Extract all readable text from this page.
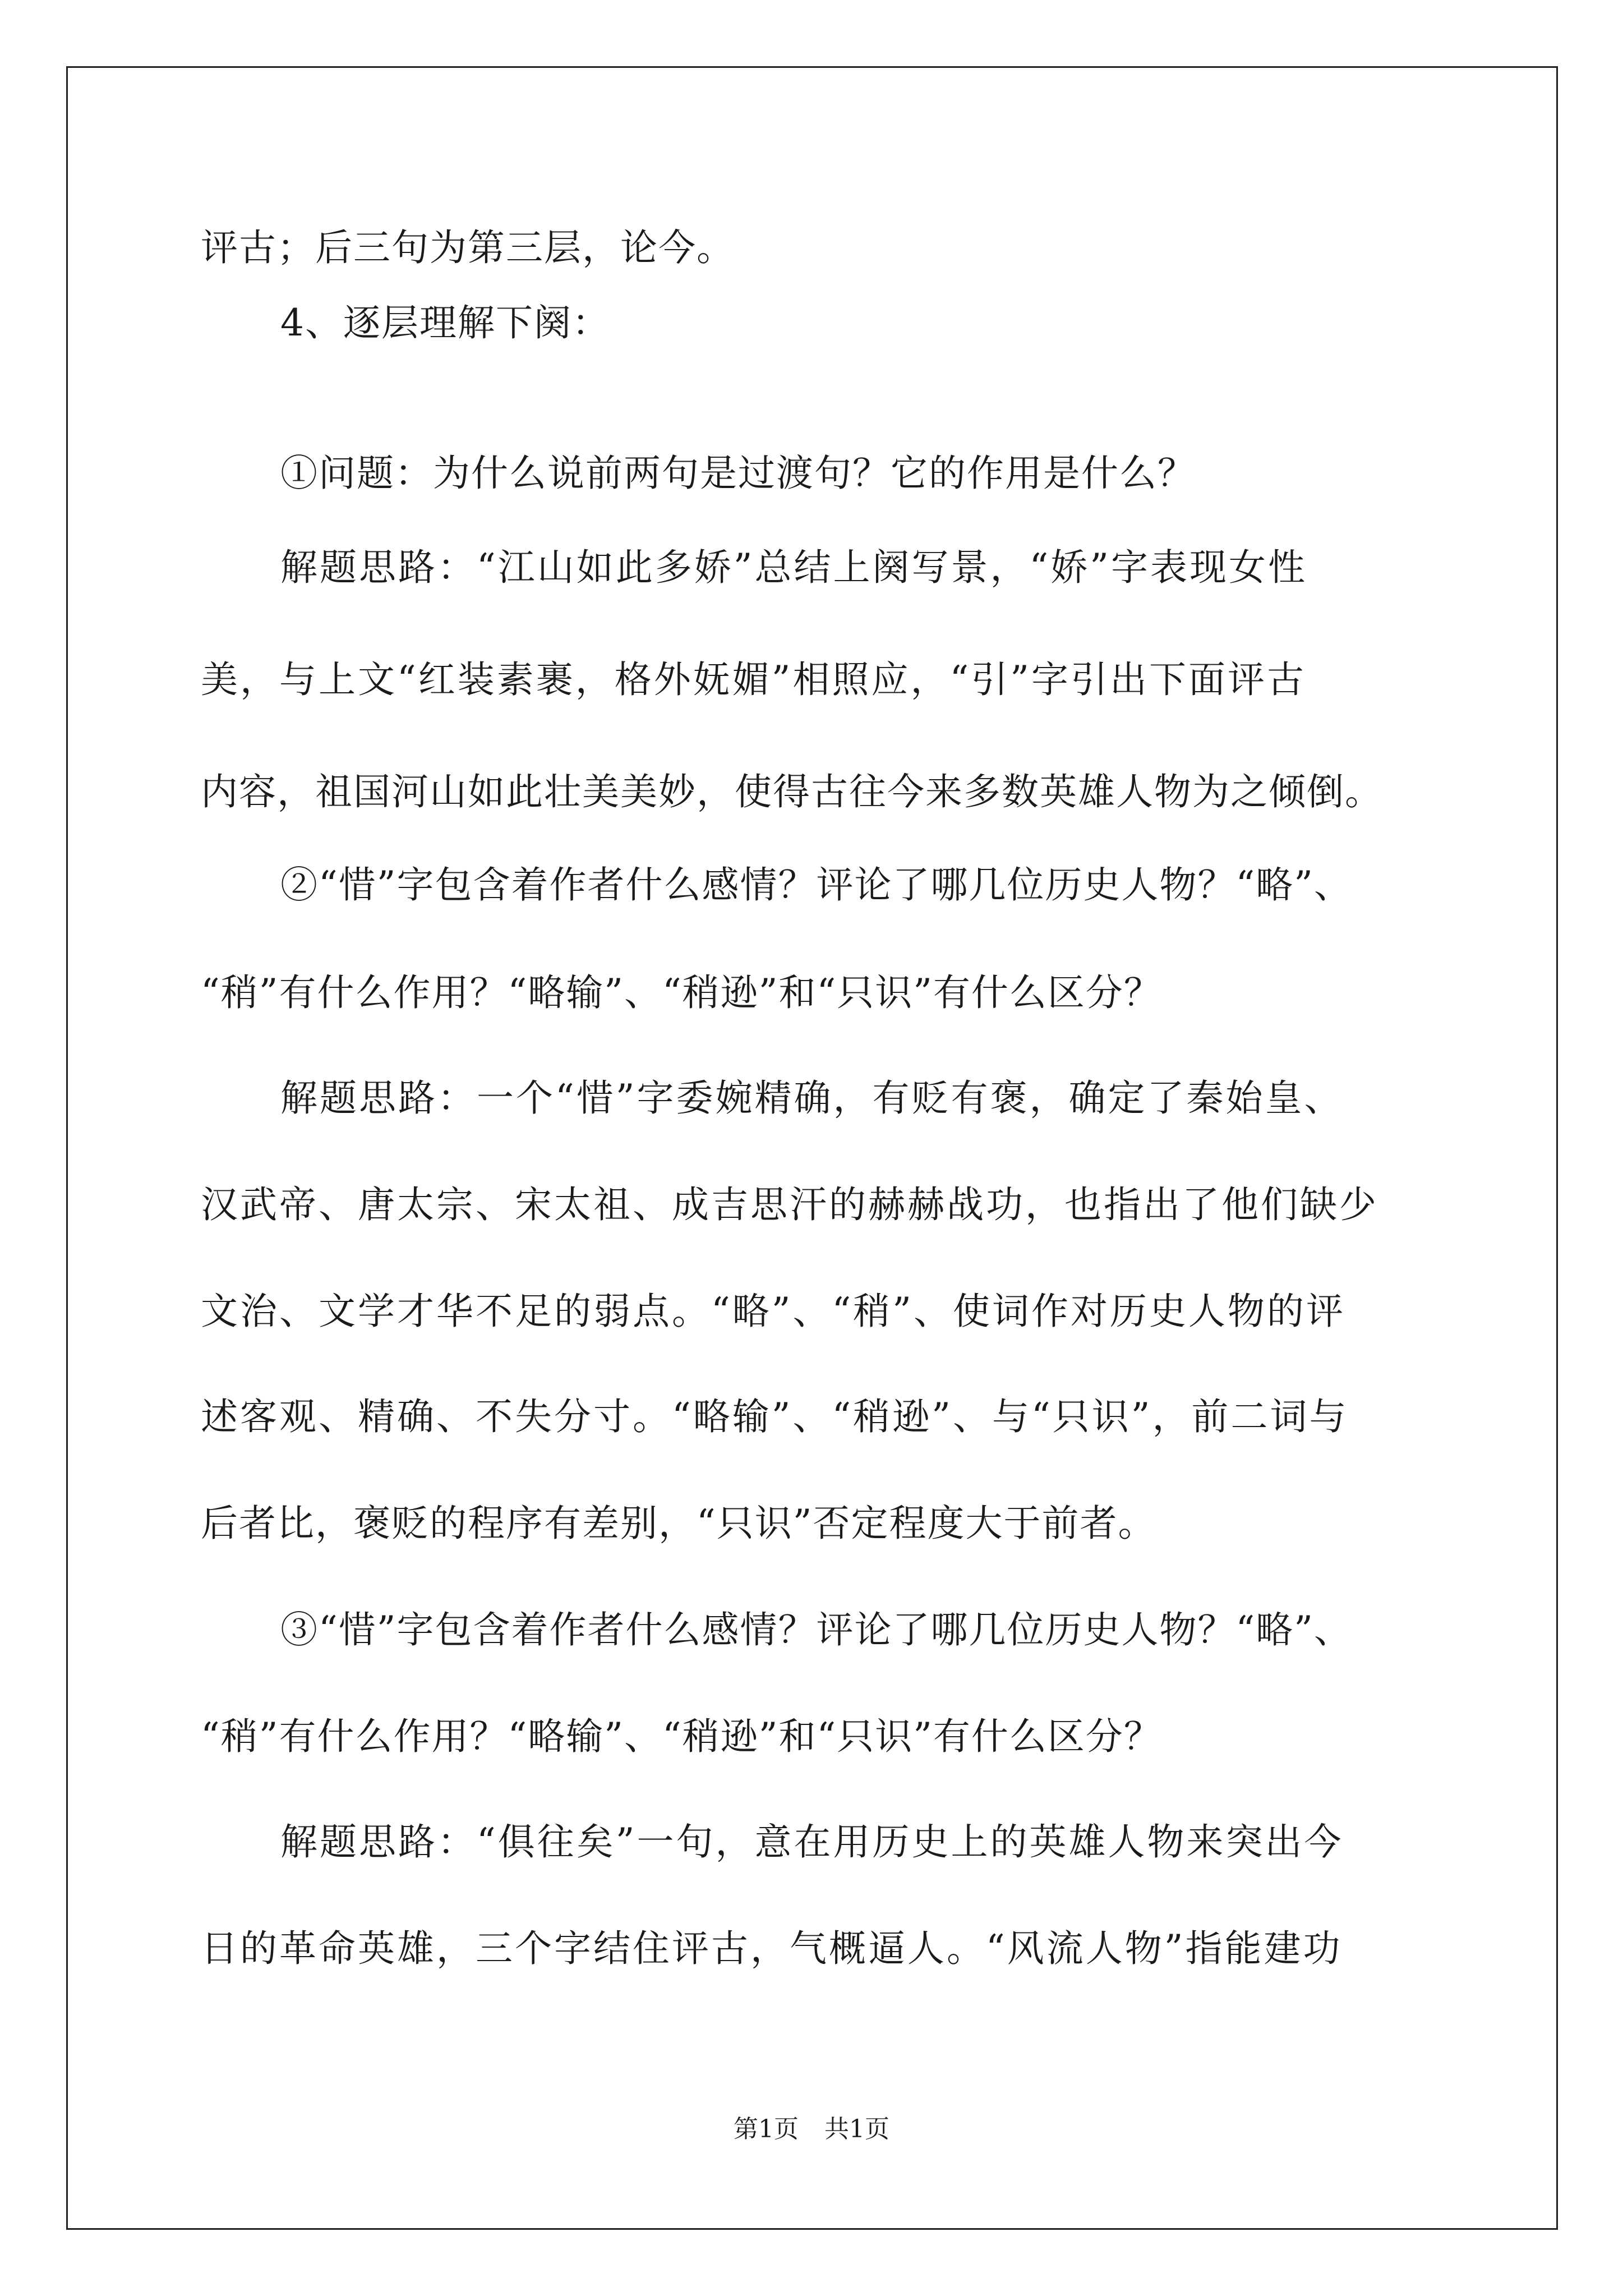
评古；后三句为第三层，论今。
4、逐层理解下阕：
①问题：为什么说前两句是过渡句？它的作用是什么？
解题思路：“江山如此多娇”总结上阕写景，“娇”字表现女性
美，与上文“红装素裹，格外妩媚”相照应，“引”字引出下面评古
内容，祖国河山如此壮美美妙，使得古往今来多数英雄人物为之倾倒。
②“惜”字包含着作者什么感情？评论了哪几位历史人物？“略”、
“稍”有什么作用？“略输”、“稍逊”和“只识”有什么区分？
解题思路：一个“惜”字委婉精确，有贬有褒，确定了秦始皇、
汉武帝、唐太宗、宋太祖、成吉思汗的赫赫战功，也指出了他们缺少
文治、文学才华不足的弱点。“略”、“稍”、使词作对历史人物的评
述客观、精确、不失分寸。“略输”、“稍逊”、与“只识”，前二词与
后者比，褒贬的程序有差别，“只识”否定程度大于前者。
③“惜”字包含着作者什么感情？评论了哪几位历史人物？“略”、
“稍”有什么作用？“略输”、“稍逊”和“只识”有什么区分？
解题思路：“俱往矣”一句，意在用历史上的英雄人物来突出今
日的革命英雄，三个字结住评古，气概逼人。“风流人物”指能建功
第1页 共1页
